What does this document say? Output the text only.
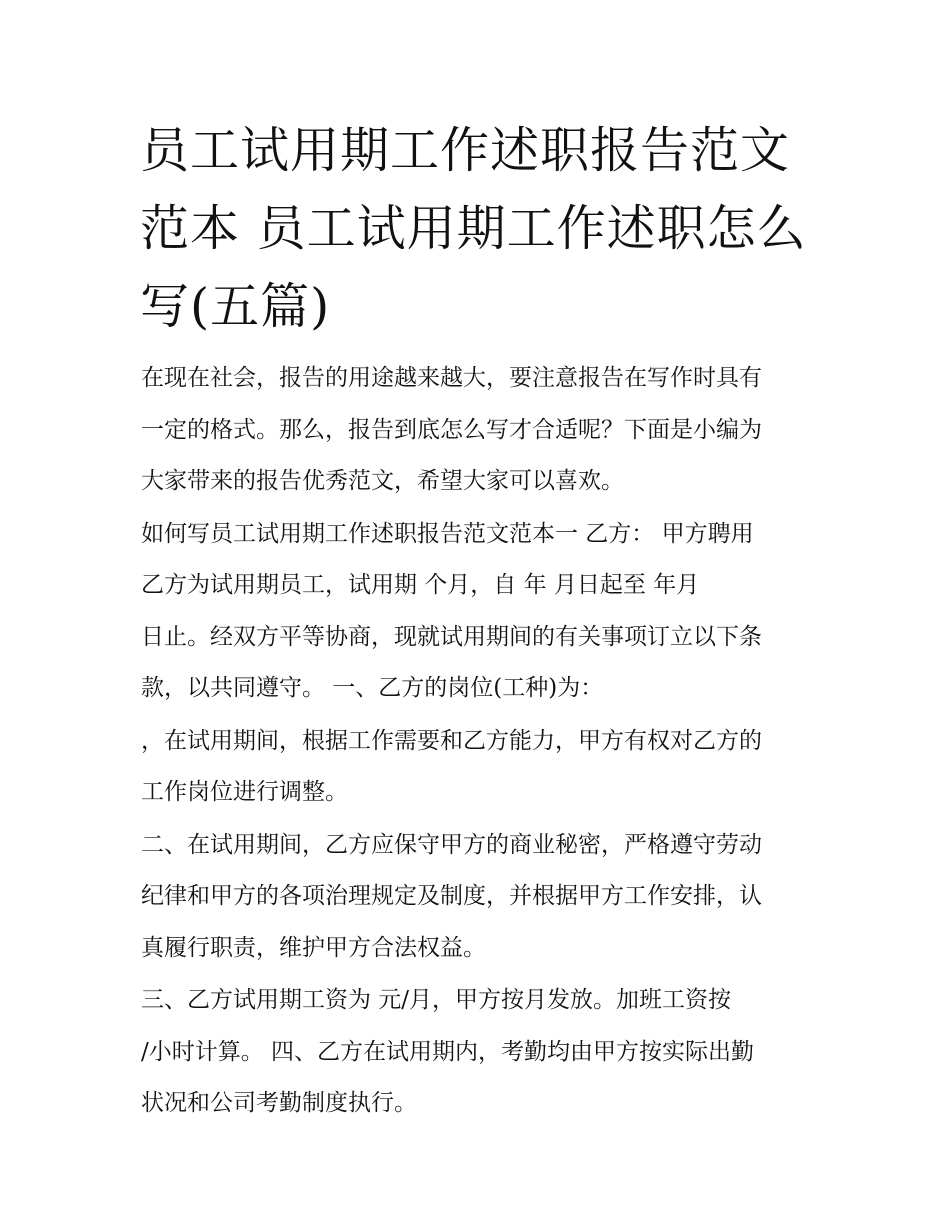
员工试用期工作述职报告范文
范本 员工试用期工作述职怎么
写(五篇)

在现在社会，报告的用途越来越大，要注意报告在写作时具有
一定的格式。那么，报告到底怎么写才合适呢？下面是小编为
大家带来的报告优秀范文，希望大家可以喜欢。

如何写员工试用期工作述职报告范文范本一 乙方： 甲方聘用
乙方为试用期员工，试用期 个月，自 年 月日起至 年月
日止。经双方平等协商，现就试用期间的有关事项订立以下条
款，以共同遵守。 一、乙方的岗位(工种)为：

，在试用期间，根据工作需要和乙方能力，甲方有权对乙方的
工作岗位进行调整。

二、在试用期间，乙方应保守甲方的商业秘密，严格遵守劳动
纪律和甲方的各项治理规定及制度，并根据甲方工作安排，认
真履行职责，维护甲方合法权益。

三、乙方试用期工资为 元/月，甲方按月发放。加班工资按
/小时计算。 四、乙方在试用期内，考勤均由甲方按实际出勤
状况和公司考勤制度执行。
